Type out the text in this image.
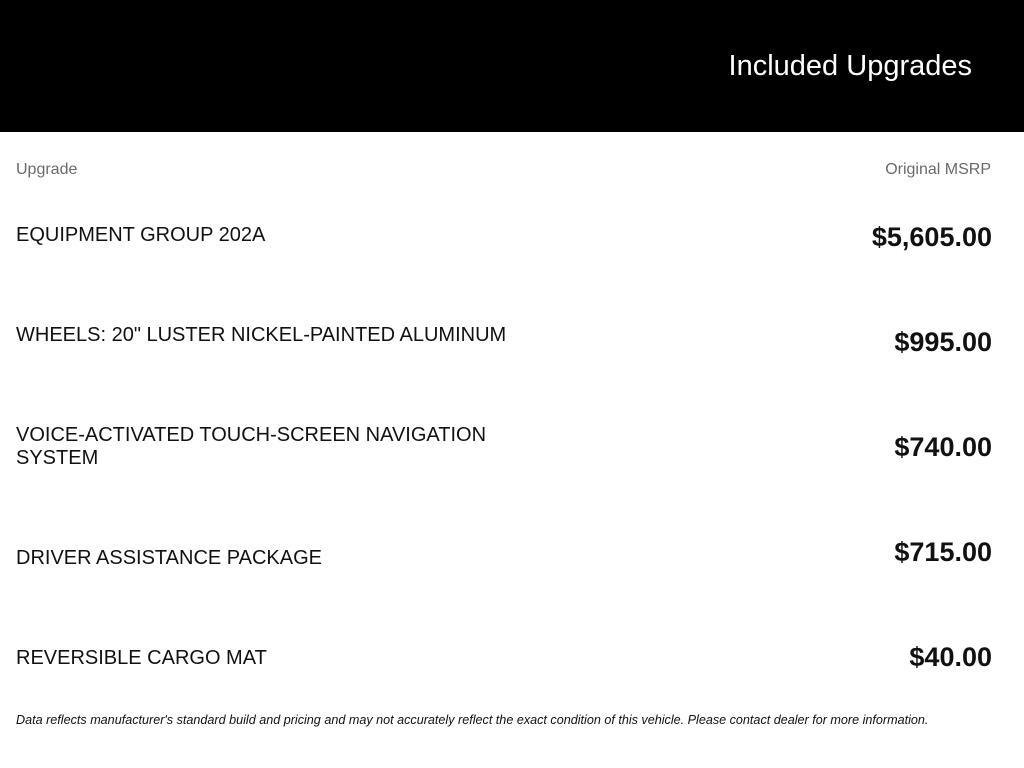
Included Upgrades
Upgrade	Original MSRP
EQUIPMENT GROUP 202A	$5,605.00
WHEELS: 20" LUSTER NICKEL-PAINTED ALUMINUM	$995.00
VOICE-ACTIVATED TOUCH-SCREEN NAVIGATION SYSTEM	$740.00
DRIVER ASSISTANCE PACKAGE	$715.00
REVERSIBLE CARGO MAT	$40.00
Data reflects manufacturer's standard build and pricing and may not accurately reflect the exact condition of this vehicle. Please contact dealer for more information.
